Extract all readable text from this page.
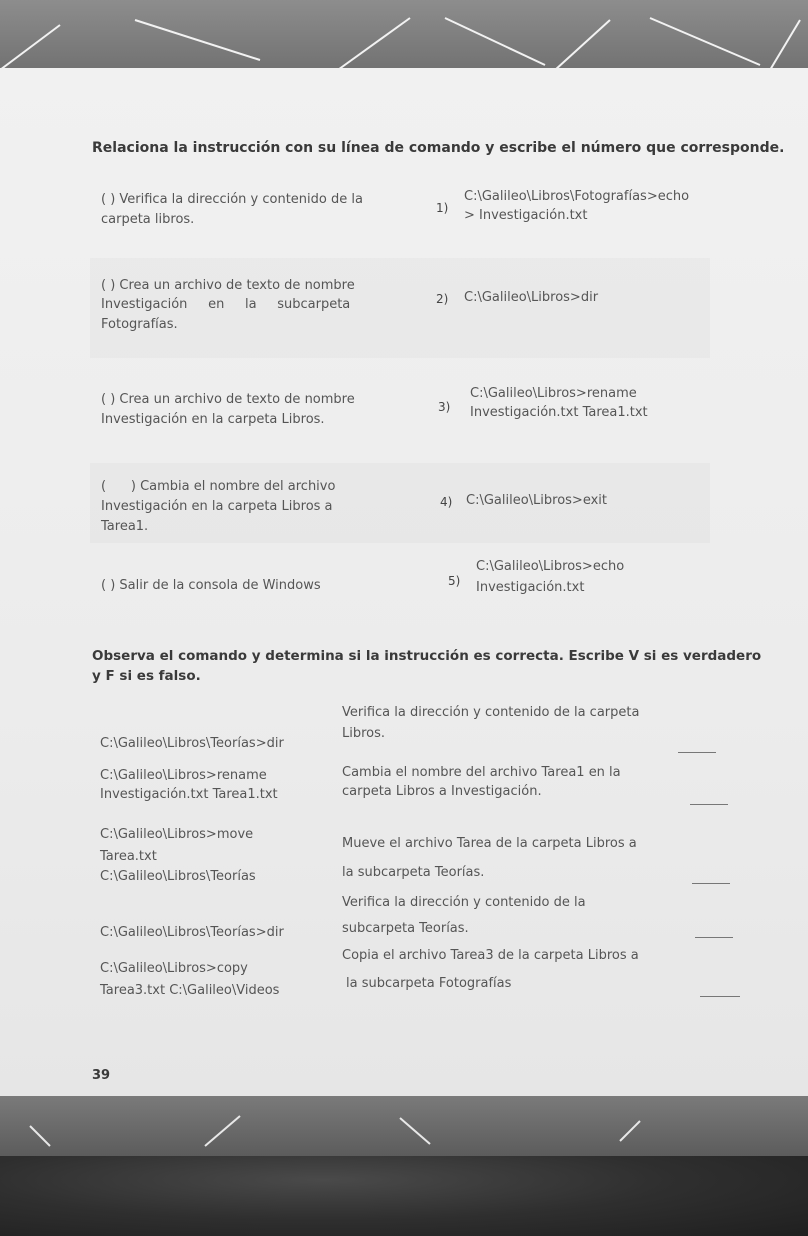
Relaciona la instrucción con su línea de comando y escribe el número que corresponde.
( ) Verifica la dirección y contenido de la
carpeta libros.
1)
C:\Galileo\Libros\Fotografías>echo
> Investigación.txt
( ) Crea un archivo de texto de nombre
Investigación     en     la     subcarpeta
Fotografías.
2) C:\Galileo\Libros>dir
( ) Crea un archivo de texto de nombre
Investigación en la carpeta Libros.
3)
C:\Galileo\Libros>rename
Investigación.txt Tarea1.txt
(      ) Cambia el nombre del archivo
Investigación en la carpeta Libros a
Tarea1.
4) C:\Galileo\Libros>exit
( ) Salir de la consola de Windows	5)
C:\Galileo\Libros>echo
Investigación.txt
Observa el comando y determina si la instrucción es correcta. Escribe V si es verdadero
y F si es falso.
C:\Galileo\Libros\Teorías>dir
Verifica la dirección y contenido de la carpeta
Libros.
C:\Galileo\Libros>rename
Investigación.txt Tarea1.txt
Cambia el nombre del archivo Tarea1 en la
carpeta Libros a Investigación.
C:\Galileo\Libros>move
Tarea.txt
C:\Galileo\Libros\Teorías
Mueve el archivo Tarea de la carpeta Libros a
la subcarpeta Teorías.
C:\Galileo\Libros\Teorías>dir
Verifica la dirección y contenido de la
subcarpeta Teorías.
C:\Galileo\Libros>copy
Tarea3.txt C:\Galileo\Videos
Copia el archivo Tarea3 de la carpeta Libros a
la subcarpeta Fotografías
39
